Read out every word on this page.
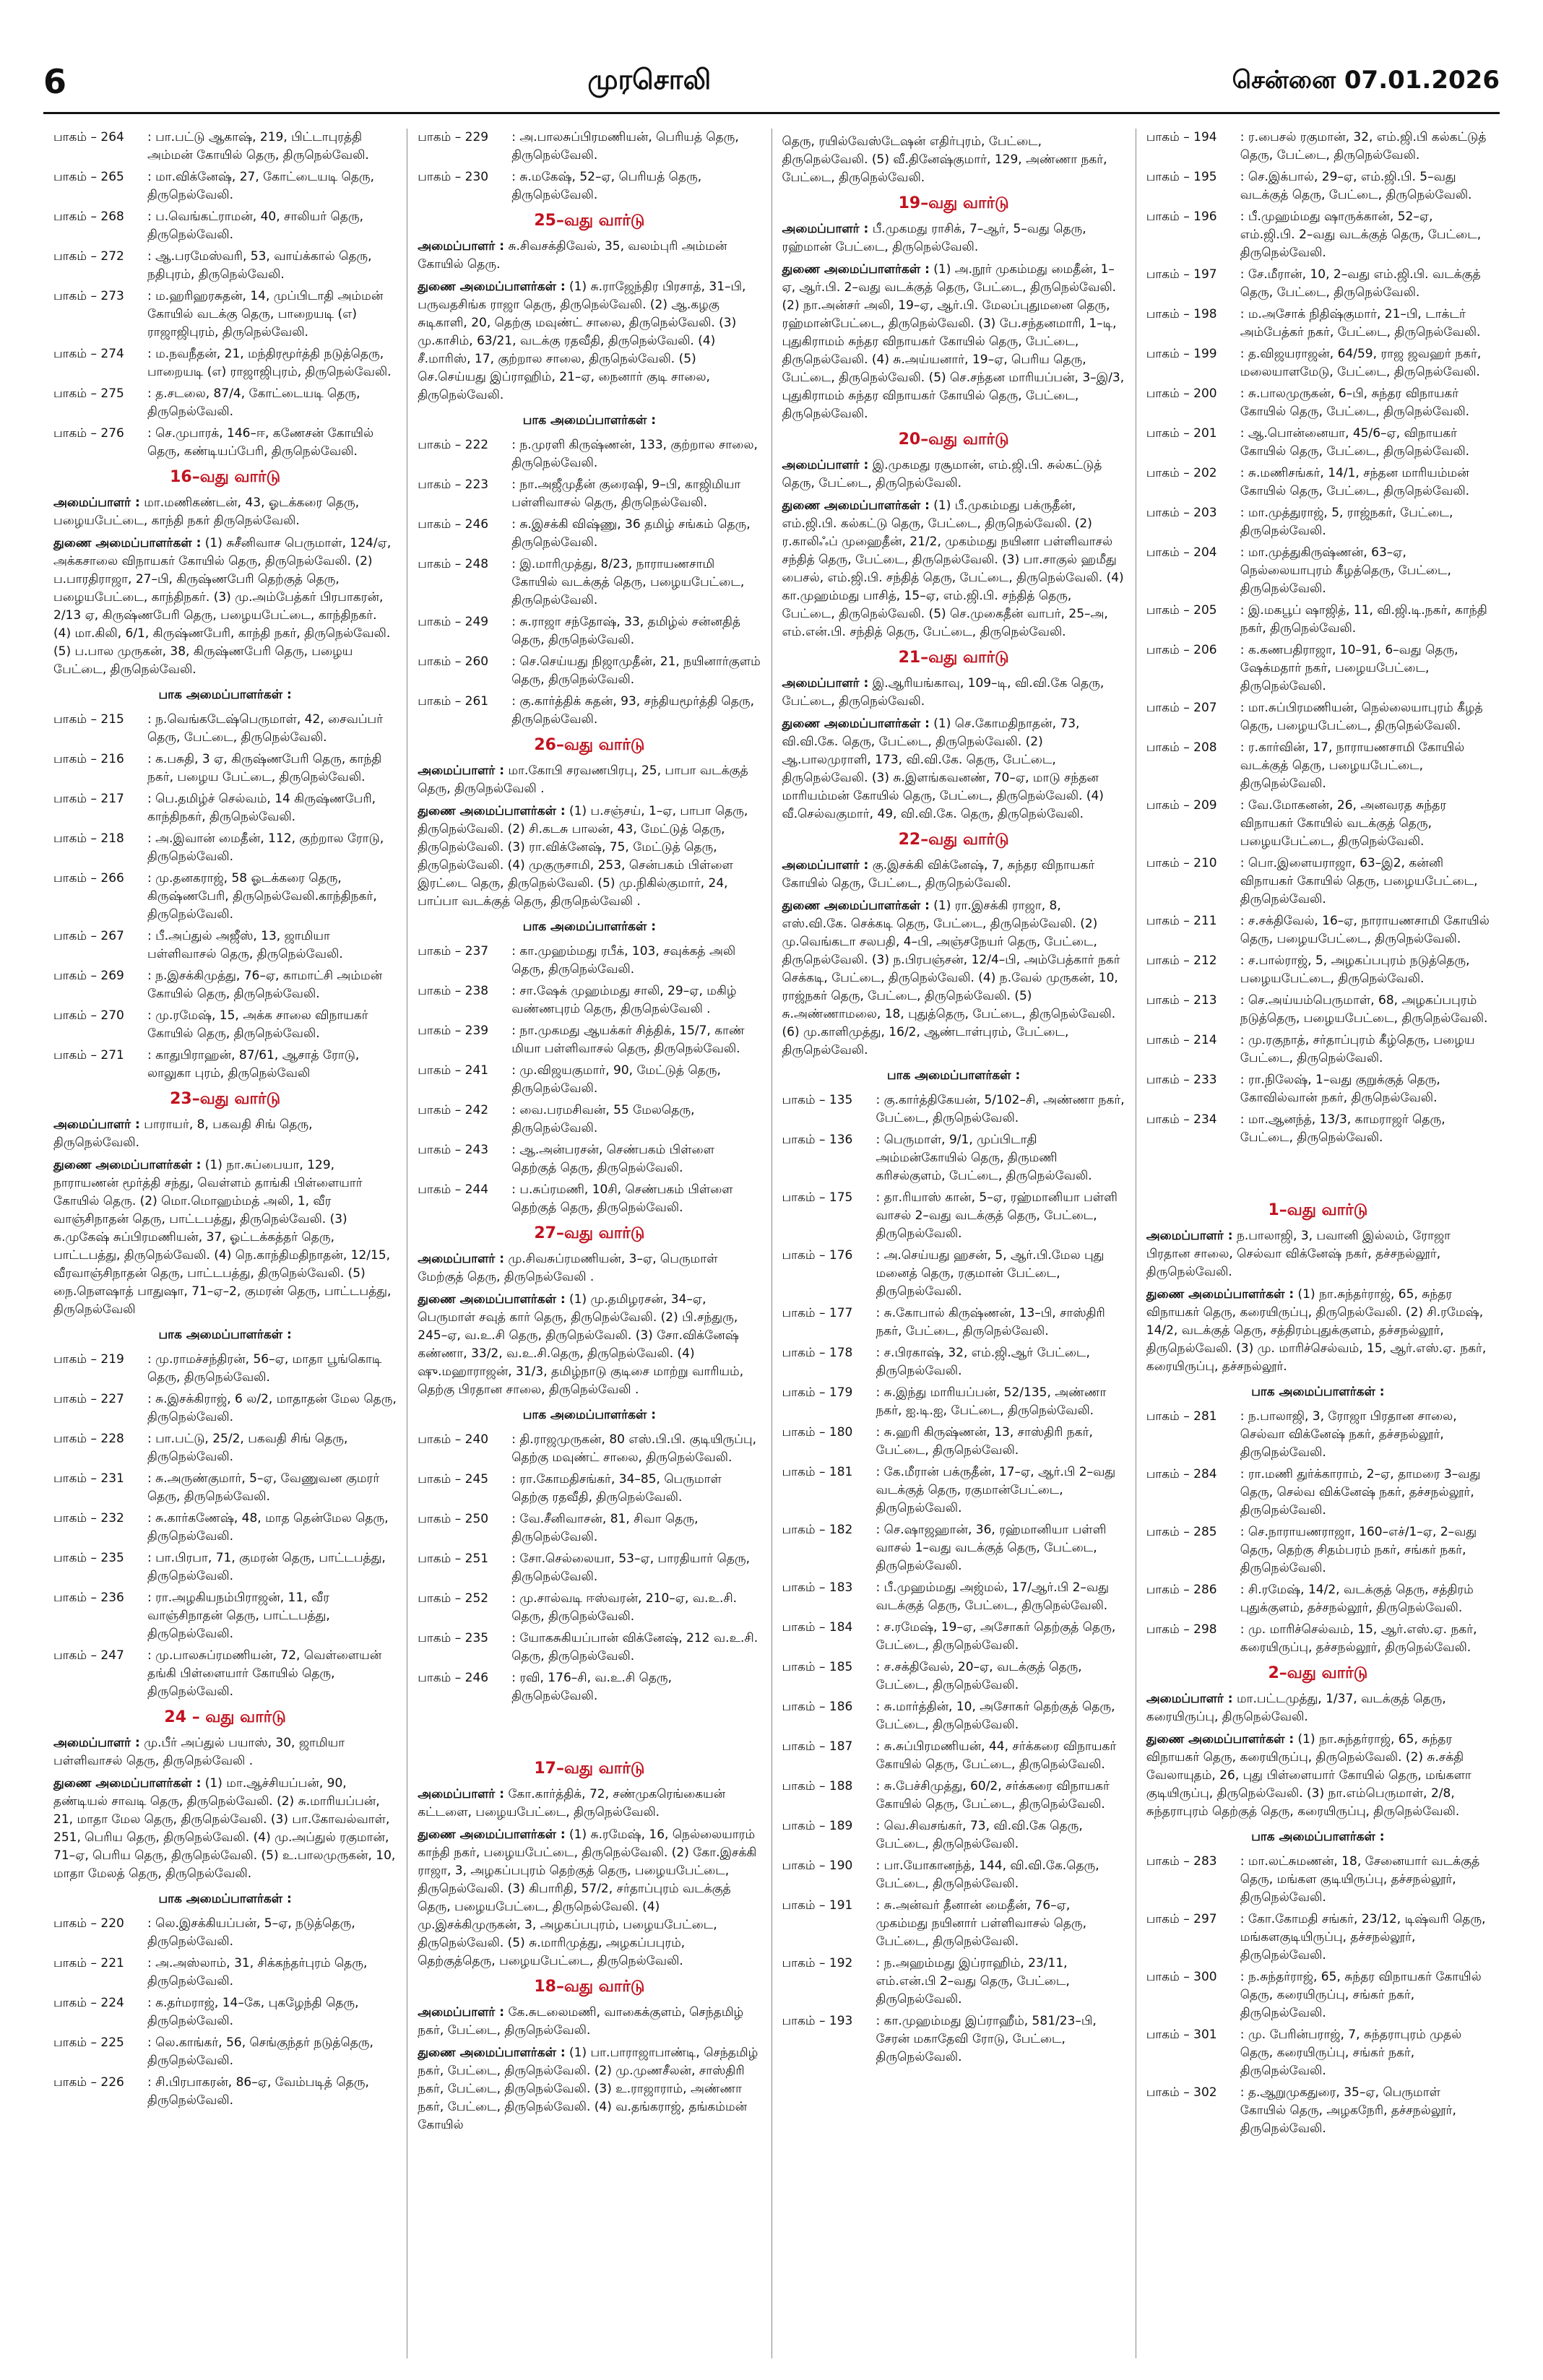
6	முரசொலி	சென்னை 07.01.2026
பாகம் – 264	: பா.பட்டு ஆகாஷ், 219, பிட்டாபுரத்தி அம்மன் கோயில் தெரு, திருநெல்வேலி.
பாகம் – 265	: மா.விக்னேஷ், 27, கோட்டையடி தெரு, திருநெல்வேலி.
பாகம் – 268	: ப.வெங்கட்ராமன், 40, சாலியர் தெரு, திருநெல்வேலி.
பாகம் – 272	: ஆ.பரமேஸ்வரி, 53, வாய்க்கால் தெரு, நதிபுரம், திருநெல்வேலி.
பாகம் – 273	: ம.ஹரிஹரசுதன், 14, முப்பிடாதி அம்மன் கோயில் வடக்கு தெரு, பாறையடி (எ) ராஜாஜிபுரம், திருநெல்வேலி.
பாகம் – 274	: ம.நவநீதன், 21, மந்திரமூர்த்தி நடுத்தெரு, பாறையடி (எ) ராஜாஜிபுரம், திருநெல்வேலி.
பாகம் – 275	: த.சடலை, 87/4, கோட்டையடி தெரு, திருநெல்வேலி.
பாகம் – 276	: செ.முபாரக், 146–ஈ, கணேசன் கோயில் தெரு, கண்டியப்பேரி, திருநெல்வேலி.
16–வது வார்டு

அமைப்பாளர் : மா.மணிகண்டன், 43, ஓடக்கரை தெரு, பழையபேட்டை, காந்தி நகர் திருநெல்வேலி.

துணை அமைப்பாளர்கள் : (1) சுசீனிவாச பெருமாள், 124/ஏ, அக்கசாலை விநாயகர் கோயில் தெரு, திருநெல்வேலி. (2) ப.பாரதிராஜா, 27–பி, கிருஷ்ணபேரி தெற்குத் தெரு, பழையபேட்டை, காந்திநகர். (3) மு.அம்பேத்கர் பிரபாகரன், 2/13 ஏ, கிருஷ்ணபேரி தெரு, பழையபேட்டை, காந்திநகர். (4) மா.கிலி, 6/1, கிருஷ்ணபேரி, காந்தி நகர், திருநெல்வேலி. (5) ப.பால முருகன், 38, கிருஷ்ணபேரி தெரு, பழைய பேட்டை, திருநெல்வேலி.

பாக அமைப்பாளர்கள் :
பாகம் – 215	: ந.வெங்கடேஷ்பெருமாள், 42, சைவப்பர் தெரு, பேட்டை, திருநெல்வேலி.
பாகம் – 216	: க.பசுதி, 3 ஏ, கிருஷ்ணபேரி தெரு, காந்தி நகர், பழைய பேட்டை, திருநெல்வேலி.
பாகம் – 217	: பெ.தமிழ்ச் செல்வம், 14 கிருஷ்ணபேரி, காந்திநகர், திருநெல்வேலி.
பாகம் – 218	: அ.இவான் மைதீன், 112, குற்றால ரோடு, திருநெல்வேலி.
பாகம் – 266	: மு.தனகராஜ், 58 ஓடக்கரை தெரு, கிருஷ்ணபேரி, திருநெல்வேலி.காந்திநகர், திருநெல்வேலி.
பாகம் – 267	: பீ.அப்துல் அஜீஸ், 13, ஜாமியா பள்ளிவாசல் தெரு, திருநெல்வேலி.
பாகம் – 269	: ந.இசக்கிமுத்து, 76–ஏ, காமாட்சி அம்மன் கோயில் தெரு, திருநெல்வேலி.
பாகம் – 270	: மு.ரமேஷ், 15, அக்க சாலை விநாயகர் கோயில் தெரு, திருநெல்வேலி.
பாகம் – 271	: காதுபிராஹன், 87/61, ஆசாத் ரோடு, லாலுகா புரம், திருநெல்வேலி
23–வது வார்டு

அமைப்பாளர் : பாராயர், 8, பகவதி சிங் தெரு, திருநெல்வேலி.

துணை அமைப்பாளர்கள் : (1) நா.சுப்பையா, 129, நாராயணன் மூர்த்தி சந்து, வெள்ளம் தாங்கி பிள்ளையார் கோயில் தெரு. (2) மொ.மொஹம்மத் அலி, 1, வீர வாஞ்சிநாதன் தெரு, பாட்டபத்து, திருநெல்வேலி. (3) சு.முகேஷ் சுப்பிரமணியன், 37, ஓட்டக்கத்தர் தெரு, பாட்டபத்து, திருநெல்வேலி. (4) நெ.காந்திமதிநாதன், 12/15, வீரவாஞ்சிநாதன் தெரு, பாட்டபத்து, திருநெல்வேலி. (5) நை.நௌஷாத் பாதுஷா, 71–ஏ–2, குமரன் தெரு, பாட்டபத்து, திருநெல்வேலி

பாக அமைப்பாளர்கள் :
பாகம் – 219	: மு.ராமச்சந்திரன், 56–ஏ, மாதா பூங்கொடி தெரு, திருநெல்வேலி.
பாகம் – 227	: சு.இசக்கிராஜ், 6 ல/2, மாதாதன் மேல தெரு, திருநெல்வேலி.
பாகம் – 228	: பா.பட்டு, 25/2, பகவதி சிங் தெரு, திருநெல்வேலி.
பாகம் – 231	: சு.அருண்குமார், 5–ஏ, வேணுவன குமரர் தெரு, திருநெல்வேலி.
பாகம் – 232	: சு.கார்கணேஷ், 48, மாத தென்மேல தெரு, திருநெல்வேலி.
பாகம் – 235	: பா.பிரபா, 71, குமரன் தெரு, பாட்டபத்து, திருநெல்வேலி.
பாகம் – 236	: ரா.அழகியநம்பிராஜன், 11, வீர வாஞ்சிநாதன் தெரு, பாட்டபத்து, திருநெல்வேலி.
பாகம் – 247	: மு.பாலசுப்ரமணியன், 72, வெள்ளையன் தங்கி பிள்ளையார் கோயில் தெரு, திருநெல்வேலி.
24 – வது வார்டு

அமைப்பாளர் : மு.பீர் அப்துல் பயாஸ், 30, ஜாமியா பள்ளிவாசல் தெரு, திருநெல்வேலி .

துணை அமைப்பாளர்கள் : (1) மா.ஆச்சியப்பன், 90, தண்டியல் சாவடி தெரு, திருநெல்வேலி. (2) சு.மாரியப்பன், 21, மாதா மேல தெரு, திருநெல்வேலி. (3) பா.கோவல்வாள், 251, பெரிய தெரு, திருநெல்வேலி. (4) மு.அப்துல் ரகுமான், 71–ஏ, பெரிய தெரு, திருநெல்வேலி. (5) உ.பாலமுருகன், 10, மாதா மேலத் தெரு, திருநெல்வேலி.

பாக அமைப்பாளர்கள் :
பாகம் – 220	: லெ.இசக்கியப்பன், 5–ஏ, நடுத்தெரு, திருநெல்வேலி.
பாகம் – 221	: அ.அஸ்லாம், 31, சிக்கந்தர்புரம் தெரு, திருநெல்வேலி.
பாகம் – 224	: க.தர்மராஜ், 14–கே, புகழேந்தி தெரு, திருநெல்வேலி.
பாகம் – 225	: லெ.காங்கர், 56, செங்குந்தர் நடுத்தெரு, திருநெல்வேலி.
பாகம் – 226	: சி.பிரபாகரன், 86–ஏ, வேம்படித் தெரு, திருநெல்வேலி.
பாகம் – 229	: அ.பாலசுப்பிரமணியன், பெரியத் தெரு, திருநெல்வேலி.
பாகம் – 230	: சு.மகேஷ், 52–ஏ, பெரியத் தெரு, திருநெல்வேலி.
25–வது வார்டு

அமைப்பாளர் : சு.சிவசக்திவேல், 35, வலம்புரி அம்மன் கோயில் தெரு.

துணை அமைப்பாளர்கள் : (1) சு.ராஜேந்திர பிரசாத், 31–பி, பருவதசிங்க ராஜா தெரு, திருநெல்வேலி. (2) ஆ.கழகு சுடிகாளி, 20, தெற்கு மவுண்ட் சாலை, திருநெல்வேலி. (3) மு.காசிம், 63/21, வடக்கு ரதவீதி, திருநெல்வேலி. (4) சீ.மாரிஸ், 17, குற்றால சாலை, திருநெல்வேலி. (5) செ.செய்யது இப்ராஹிம், 21–ஏ, நைனார் குடி சாலை, திருநெல்வேலி.

பாக அமைப்பாளர்கள் :
பாகம் – 222	: ந.முரளி கிருஷ்ணன், 133, குற்றால சாலை, திருநெல்வேலி.
பாகம் – 223	: நா.அஜீமுதீன் குரைஷி, 9–பி, காஜிமியா பள்ளிவாசல் தெரு, திருநெல்வேலி.
பாகம் – 246	: சு.இசக்கி விஷ்ணு, 36 தமிழ் சங்கம் தெரு, திருநெல்வேலி.
பாகம் – 248	: இ.மாரிமுத்து, 8/23, நாராயணசாமி கோயில் வடக்குத் தெரு, பழையபேட்டை, திருநெல்வேலி.
பாகம் – 249	: சு.ராஜா சந்தோஷ், 33, தமிழ்ல் சன்னதித் தெரு, திருநெல்வேலி.
பாகம் – 260	: செ.செய்யது நிஜாமுதீன், 21, நயினார்குளம் தெரு, திருநெல்வேலி.
பாகம் – 261	: கு.கார்த்திக் சுதன், 93, சந்தியமூர்த்தி தெரு, திருநெல்வேலி.
26–வது வார்டு

அமைப்பாளர் : மா.கோபி சரவணபிரபு, 25, பாபா வடக்குத் தெரு, திருநெல்வேலி .

துணை அமைப்பாளர்கள் : (1) ப.சஞ்சய், 1–ஏ, பாபா தெரு, திருநெல்வேலி. (2) சி.கடசு பாலன், 43, மேட்டுத் தெரு, திருநெல்வேலி. (3) ரா.விக்னேஷ், 75, மேட்டுத் தெரு, திருநெல்வேலி. (4) முகுருசாமி, 253, சென்பகம் பிள்ளை இரட்டை தெரு, திருநெல்வேலி. (5) மு.நிகில்குமார், 24, பாப்பா வடக்குத் தெரு, திருநெல்வேலி .

பாக அமைப்பாளர்கள் :
பாகம் – 237	: கா.முஹம்மது ரபீக், 103, சவுக்கத் அலி தெரு, திருநெல்வேலி.
பாகம் – 238	: சா.ஷேக் முஹம்மது சாலி, 29–ஏ, மகிழ் வண்ணபுரம் தெரு, திருநெல்வேலி .
பாகம் – 239	: நா.முகமது ஆயக்கர் சித்திக், 15/7, காண் மியா பள்ளிவாசல் தெரு, திருநெல்வேலி.
பாகம் – 241	: மு.விஜயகுமார், 90, மேட்டுத் தெரு, திருநெல்வேலி.
பாகம் – 242	: வை.பரமசிவன், 55 மேலதெரு, திருநெல்வேலி.
பாகம் – 243	: ஆ.அன்பரசன், செண்பகம் பிள்ளை தெற்குத் தெரு, திருநெல்வேலி.
பாகம் – 244	: ப.சுப்ரமணி, 10சி, செண்பகம் பிள்ளை தெற்குத் தெரு, திருநெல்வேலி.
27–வது வார்டு

அமைப்பாளர் : மு.சிவசுப்ரமணியன், 3–ஏ, பெருமாள் மேற்குத் தெரு, திருநெல்வேலி .

துணை அமைப்பாளர்கள் : (1) மு.தமிழரசன், 34–ஏ, பெருமாள் சவுத் கார் தெரு, திருநெல்வேலி. (2) பி.சந்துரு, 245–ஏ, வ.உ.சி தெரு, திருநெல்வேலி. (3) சோ.விக்னேஷ் கண்ணா, 33/2, வ.உ.சி.தெரு, திருநெல்வேலி. (4) ஷு.மஹாராஜன், 31/3, தமிழ்நாடு குடிசை மாற்று வாரியம், தெற்கு பிரதான சாலை, திருநெல்வேலி .

பாக அமைப்பாளர்கள் :
பாகம் – 240	: தி.ராஜமுருகன், 80 எஸ்.பி.பி. குடியிருப்பு, தெற்கு மவுண்ட் சாலை, திருநெல்வேலி.
பாகம் – 245	: ரா.கோமதிசங்கர், 34–85, பெருமாள் தெற்கு ரதவீதி, திருநெல்வேலி.
பாகம் – 250	: வே.சீனிவாசன், 81, சிவா தெரு, திருநெல்வேலி.
பாகம் – 251	: சோ.செல்லையா, 53–ஏ, பாரதியார் தெரு, திருநெல்வேலி.
பாகம் – 252	: மு.சால்வடி ஈஸ்வரன், 210–ஏ, வ.உ.சி. தெரு, திருநெல்வேலி.
பாகம் – 235	: யோகசுகியப்பான் விக்னேஷ், 212 வ.உ.சி. தெரு, திருநெல்வேலி.
பாகம் – 246	: ரவி, 176–சி, வ.உ.சி தெரு, திருநெல்வேலி.
17–வது வார்டு

அமைப்பாளர் : கோ.கார்த்திக், 72, சண்முகரெங்கையன் கட்டளை, பழையபேட்டை, திருநெல்வேலி.

துணை அமைப்பாளர்கள் : (1) சு.ரமேஷ், 16, நெல்லையாரம் காந்தி நகர், பழையபேட்டை, திருநெல்வேலி. (2) கோ.இசக்கி ராஜா, 3, அழகப்பபுரம் தெற்குத் தெரு, பழையபேட்டை, திருநெல்வேலி. (3) கிபாரிதி, 57/2, சர்தாப்புரம் வடக்குத் தெரு, பழையபேட்டை, திருநெல்வேலி. (4) மு.இசக்கிமுருகன், 3, அழகப்பபுரம், பழையபேட்டை, திருநெல்வேலி. (5) சு.மாரிமுத்து, அழகப்பபுரம், தெற்குத்தெரு, பழையபேட்டை, திருநெல்வேலி.

18–வது வார்டு

அமைப்பாளர் : கே.சுடலைமணி, வாகைக்குளம், செந்தமிழ் நகர், பேட்டை, திருநெல்வேலி.

துணை அமைப்பாளர்கள் : (1) பா.பாராஜாபாண்டி, செந்தமிழ் நகர், பேட்டை, திருநெல்வேலி. (2) மு.முணசீலன், சாஸ்திரி நகர், பேட்டை, திருநெல்வேலி. (3) உ.ராஜாராம், அண்ணா நகர், பேட்டை, திருநெல்வேலி. (4) வ.தங்கராஜ், தங்கம்மன் கோயில்

தெரு, ரயில்வேஸ்டேஷன் எதிர்புரம், பேட்டை, திருநெல்வேலி. (5) வீ.தினேஷ்குமார், 129, அண்ணா நகர், பேட்டை, திருநெல்வேலி.

19–வது வார்டு

அமைப்பாளர் : பீ.முகமது ராசிக், 7–ஆர், 5–வது தெரு, ரஹ்மான் பேட்டை, திருநெல்வேலி.

துணை அமைப்பாளர்கள் : (1) அ.நூர் முகம்மது மைதீன், 1–ஏ, ஆர்.பி. 2–வது வடக்குத் தெரு, பேட்டை, திருநெல்வேலி. (2) நா.அன்சர் அலி, 19–ஏ, ஆர்.பி. மேலப்புதுமனை தெரு, ரஹ்மான்பேட்டை, திருநெல்வேலி. (3) பே.சந்தனமாரி, 1–டி, புதுகிராமம் சுந்தர விநாயகர் கோயில் தெரு, பேட்டை, திருநெல்வேலி. (4) சு.அய்யனார், 19–ஏ, பெரிய தெரு, பேட்டை, திருநெல்வேலி. (5) செ.சந்தன மாரியப்பன், 3–இ/3, புதுகிராமம் சுந்தர விநாயகர் கோயில் தெரு, பேட்டை, திருநெல்வேலி.

20–வது வார்டு

அமைப்பாளர் : இ.முகமது ரசூமான், எம்.ஜி.பி. சுல்கட்டுத் தெரு, பேட்டை, திருநெல்வேலி.

துணை அமைப்பாளர்கள் : (1) பீ.முகம்மது பக்ருதீன், எம்.ஜி.பி. கல்கட்டு தெரு, பேட்டை, திருநெல்வேலி. (2) ர.காலிஃப் முஹைதீன், 21/2, முகம்மது நயினா பள்ளிவாசல் சந்தித் தெரு, பேட்டை, திருநெல்வேலி. (3) பா.சாகுல் ஹமீது பைசல், எம்.ஜி.பி. சந்தித் தெரு, பேட்டை, திருநெல்வேலி. (4) கா.முஹம்மது பாசித், 15–ஏ, எம்.ஜி.பி. சந்தித் தெரு, பேட்டை, திருநெல்வேலி. (5) செ.முகைதீன் வாபர், 25–அ, எம்.என்.பி. சந்தித் தெரு, பேட்டை, திருநெல்வேலி.

21–வது வார்டு

அமைப்பாளர் : இ.ஆரியங்காவு, 109–டி, வி.வி.கே தெரு, பேட்டை, திருநெல்வேலி.

துணை அமைப்பாளர்கள் : (1) செ.கோமதிநாதன், 73, வி.வி.கே. தெரு, பேட்டை, திருநெல்வேலி. (2) ஆ.பாலமுராளி, 173, வி.வி.கே. தெரு, பேட்டை, திருநெல்வேலி. (3) சு.இளங்கவனண், 70–ஏ, மாடு சந்தன மாரியம்மன் கோயில் தெரு, பேட்டை, திருநெல்வேலி. (4) வீ.செல்வகுமார், 49, வி.வி.கே. தெரு, திருநெல்வேலி.

22–வது வார்டு

அமைப்பாளர் : கு.இசக்கி விக்னேஷ், 7, சுந்தர விநாயகர் கோயில் தெரு, பேட்டை, திருநெல்வேலி.

துணை அமைப்பாளர்கள் : (1) ரா.இசக்கி ராஜா, 8, எஸ்.வி.கே. செக்கடி தெரு, பேட்டை, திருநெல்வேலி. (2) மு.வெங்கடா சலபதி, 4–பி, அஞ்சநேயர் தெரு, பேட்டை, திருநெல்வேலி. (3) ந.பிரபஞ்சன், 12/4–பி, அம்பேத்கார் நகர் செக்கடி, பேட்டை, திருநெல்வேலி. (4) ந.வேல் முருகன், 10, ராஜ்நகர் தெரு, பேட்டை, திருநெல்வேலி. (5) சு.அண்ணாமலை, 18, புதுத்தெரு, பேட்டை, திருநெல்வேலி. (6) மு.காளிமுத்து, 16/2, ஆண்டாள்புரம், பேட்டை, திருநெல்வேலி.

பாக அமைப்பாளர்கள் :
பாகம் – 135	: கு.கார்த்திகேயன், 5/102–சி, அண்ணா நகர், பேட்டை, திருநெல்வேலி.
பாகம் – 136	: பெருமாள், 9/1, முப்பிடாதி அம்மன்கோயில் தெரு, திருமணி கரிசல்குளம், பேட்டை, திருநெல்வேலி.
பாகம் – 175	: தா.ரியாஸ் கான், 5–ஏ, ரஹ்மானியா பள்ளி வாசல் 2–வது வடக்குத் தெரு, பேட்டை, திருநெல்வேலி.
பாகம் – 176	: அ.செய்யது ஹசன், 5, ஆர்.பி.மேல புது மனைத் தெரு, ரகுமான் பேட்டை, திருநெல்வேலி.
பாகம் – 177	: சு.கோபால் கிருஷ்ணன், 13–பி, சாஸ்திரி நகர், பேட்டை, திருநெல்வேலி.
பாகம் – 178	: ச.பிரகாஷ், 32, எம்.ஜி.ஆர் பேட்டை, திருநெல்வேலி.
பாகம் – 179	: சு.இந்து மாரியப்பன், 52/135, அண்ணா நகர், ஐ.டி.ஐ, பேட்டை, திருநெல்வேலி.
பாகம் – 180	: சு.ஹரி கிருஷ்ணன், 13, சாஸ்திரி நகர், பேட்டை, திருநெல்வேலி.
பாகம் – 181	: கே.மீரான் பக்ருதீன், 17–ஏ, ஆர்.பி 2–வது வடக்குத் தெரு, ரகுமான்பேட்டை, திருநெல்வேலி.
பாகம் – 182	: செ.ஷாஜஹான், 36, ரஹ்மானியா பள்ளி வாசல் 1–வது வடக்குத் தெரு, பேட்டை, திருநெல்வேலி.
பாகம் – 183	: பீ.முஹம்மது அஜ்மல், 17/ஆர்.பி 2–வது வடக்குத் தெரு, பேட்டை, திருநெல்வேலி.
பாகம் – 184	: ச.ரமேஷ், 19–ஏ, அசோகர் தெற்குத் தெரு, பேட்டை, திருநெல்வேலி.
பாகம் – 185	: ச.சக்திவேல், 20–ஏ, வடக்குத் தெரு, பேட்டை, திருநெல்வேலி.
பாகம் – 186	: சு.மார்த்தின், 10, அசோகர் தெற்குத் தெரு, பேட்டை, திருநெல்வேலி.
பாகம் – 187	: சு.சுப்பிரமணியன், 44, சர்க்கரை விநாயகர் கோயில் தெரு, பேட்டை, திருநெல்வேலி.
பாகம் – 188	: சு.பேச்சிமுத்து, 60/2, சர்க்கரை விநாயகர் கோயில் தெரு, பேட்டை, திருநெல்வேலி.
பாகம் – 189	: வெ.சிவசங்கர், 73, வி.வி.கே தெரு, பேட்டை, திருநெல்வேலி.
பாகம் – 190	: பா.யோகானந்த், 144, வி.வி.கே.தெரு, பேட்டை, திருநெல்வேலி.
பாகம் – 191	: சு.அன்வர் தீனான் மைதீன், 76–ஏ, முகம்மது நயினார் பள்ளிவாசல் தெரு, பேட்டை, திருநெல்வேலி.
பாகம் – 192	: ந.அஹம்மது இப்ராஹிம், 23/11, எம்.என்.பி 2–வது தெரு, பேட்டை, திருநெல்வேலி.
பாகம் – 193	: கா.முஹம்மது இப்ராஹீம், 581/23–பி, சேரன் மகாதேவி ரோடு, பேட்டை, திருநெல்வேலி.
பாகம் – 194	: ர.பைசல் ரகுமான், 32, எம்.ஜி.பி கல்கட்டுத் தெரு, பேட்டை, திருநெல்வேலி.
பாகம் – 195	: செ.இக்பால், 29–ஏ, எம்.ஜி.பி. 5–வது வடக்குத் தெரு, பேட்டை, திருநெல்வேலி.
பாகம் – 196	: பீ.முஹம்மது ஷாருக்கான், 52–ஏ, எம்.ஜி.பி. 2–வது வடக்குத் தெரு, பேட்டை, திருநெல்வேலி.
பாகம் – 197	: சே.மீரான், 10, 2–வது எம்.ஜி.பி. வடக்குத் தெரு, பேட்டை, திருநெல்வேலி.
பாகம் – 198	: ம.அசோக் நிதிஷ்குமார், 21–பி, டாக்டர் அம்பேத்கர் நகர், பேட்டை, திருநெல்வேலி.
பாகம் – 199	: த.விஜயராஜன், 64/59, ராஜ ஜவஹர் நகர், மலையாளமேடு, பேட்டை, திருநெல்வேலி.
பாகம் – 200	: சு.பாலமுருகன், 6–பி, சுந்தர விநாயகர் கோயில் தெரு, பேட்டை, திருநெல்வேலி.
பாகம் – 201	: ஆ.பொன்னையா, 45/6–ஏ, விநாயகர் கோயில் தெரு, பேட்டை, திருநெல்வேலி.
பாகம் – 202	: சு.மணிசங்கர், 14/1, சந்தன மாரியம்மன் கோயில் தெரு, பேட்டை, திருநெல்வேலி.
பாகம் – 203	: மா.முத்துராஜ், 5, ராஜ்நகர், பேட்டை, திருநெல்வேலி.
பாகம் – 204	: மா.முத்துகிருஷ்ணன், 63–ஏ, நெல்லையாபுரம் கீழத்தெரு, பேட்டை, திருநெல்வேலி.
பாகம் – 205	: இ.மகபூப் ஷாஜித், 11, வி.ஜி.டி.நகர், காந்தி நகர், திருநெல்வேலி.
பாகம் – 206	: க.கணபதிராஜா, 10–91, 6–வது தெரு, ஷேக்மதார் நகர், பழையபேட்டை, திருநெல்வேலி.
பாகம் – 207	: மா.சுப்பிரமணியன், நெல்லையாபுரம் கீழத் தெரு, பழையபேட்டை, திருநெல்வேலி.
பாகம் – 208	: ர.கார்வின், 17, நாராயணசாமி கோயில் வடக்குத் தெரு, பழையபேட்டை, திருநெல்வேலி.
பாகம் – 209	: வே.மோகனன், 26, அனவரத சுந்தர விநாயகர் கோயில் வடக்குத் தெரு, பழையபேட்டை, திருநெல்வேலி.
பாகம் – 210	: பொ.இளையராஜா, 63–இ2, கன்னி விநாயகர் கோயில் தெரு, பழையபேட்டை, திருநெல்வேலி.
பாகம் – 211	: ச.சக்திவேல், 16–ஏ, நாராயணசாமி கோயில் தெரு, பழையபேட்டை, திருநெல்வேலி.
பாகம் – 212	: ச.பால்ராஜ், 5, அழகப்பபுரம் நடுத்தெரு, பழையபேட்டை, திருநெல்வேலி.
பாகம் – 213	: செ.அய்யம்பெருமாள், 68, அழகப்பபுரம் நடுத்தெரு, பழையபேட்டை, திருநெல்வேலி.
பாகம் – 214	: மு.ரகுநாத், சர்தாப்புரம் கீழ்தெரு, பழைய பேட்டை, திருநெல்வேலி.
பாகம் – 233	: ரா.நிலேஷ், 1–வது குறுக்குத் தெரு, கோவில்வான் நகர், திருநெல்வேலி.
பாகம் – 234	: மா.ஆனந்த், 13/3, காமராஜர் தெரு, பேட்டை, திருநெல்வேலி.
1–வது வார்டு

அமைப்பாளர் : ந.பாலாஜி, 3, பவானி இல்லம், ரோஜா பிரதான சாலை, செல்வா விக்னேஷ் நகர், தச்சநல்லூர், திருநெல்வேலி.

துணை அமைப்பாளர்கள் : (1) நா.சுந்தர்ராஜ், 65, சுந்தர விநாயகர் தெரு, கரையிருப்பு, திருநெல்வேலி. (2) சி.ரமேஷ், 14/2, வடக்குத் தெரு, சத்திரம்புதுக்குளம், தச்சநல்லூர், திருநெல்வேலி. (3) மு. மாரிச்செல்வம், 15, ஆர்.எஸ்.ஏ. நகர், கரையிருப்பு, தச்சநல்லூர்.

பாக அமைப்பாளர்கள் :
பாகம் – 281	: ந.பாலாஜி, 3, ரோஜா பிரதான சாலை, செல்வா விக்னேஷ் நகர், தச்சநல்லூர், திருநெல்வேலி.
பாகம் – 284	: ரா.மணி துர்க்காராம், 2–ஏ, தாமரை 3–வது தெரு, செல்வ விக்னேஷ் நகர், தச்சநல்லூர், திருநெல்வேலி.
பாகம் – 285	: செ.நாராயணராஜா, 160–எச்/1–ஏ, 2–வது தெரு, தெற்கு சிதம்பரம் நகர், சங்கர் நகர், திருநெல்வேலி.
பாகம் – 286	: சி.ரமேஷ், 14/2, வடக்குத் தெரு, சத்திரம் புதுக்குளம், தச்சநல்லூர், திருநெல்வேலி.
பாகம் – 298	: மு. மாரிச்செல்வம், 15, ஆர்.எஸ்.ஏ. நகர், கரையிருப்பு, தச்சநல்லூர், திருநெல்வேலி.
2–வது வார்டு

அமைப்பாளர் : மா.பட்டமுத்து, 1/37, வடக்குத் தெரு, கரையிருப்பு, திருநெல்வேலி.

துணை அமைப்பாளர்கள் : (1) நா.சுந்தர்ராஜ், 65, சுந்தர விநாயகர் தெரு, கரையிருப்பு, திருநெல்வேலி. (2) சு.சக்தி வேலாயுதம், 26, புது பிள்ளையார் கோயில் தெரு, மங்களா குடியிருப்பு, திருநெல்வேலி. (3) நா.எம்பெருமாள், 2/8, சுந்தராபுரம் தெற்குத் தெரு, கரையிருப்பு, திருநெல்வேலி.

பாக அமைப்பாளர்கள் :
பாகம் – 283	: மா.லட்சுமணன், 18, சேனையார் வடக்குத் தெரு, மங்கள குடியிருப்பு, தச்சநல்லூர், திருநெல்வேலி.
பாகம் – 297	: கோ.கோமதி சங்கர், 23/12, டிஷ்வரி தெரு, மங்களகுடியிருப்பு, தச்சநல்லூர், திருநெல்வேலி.
பாகம் – 300	: ந.சுந்தர்ராஜ், 65, சுந்தர விநாயகர் கோயில் தெரு, கரையிருப்பு, சங்கர் நகர், திருநெல்வேலி.
பாகம் – 301	: மு. பேரின்பராஜ், 7, சுந்தராபுரம் முதல் தெரு, கரையிருப்பு, சங்கர் நகர், திருநெல்வேலி.
பாகம் – 302	: த.ஆறுமுகதுரை, 35–ஏ, பெருமாள் கோயில் தெரு, அழகநேரி, தச்சநல்லூர், திருநெல்வேலி.
